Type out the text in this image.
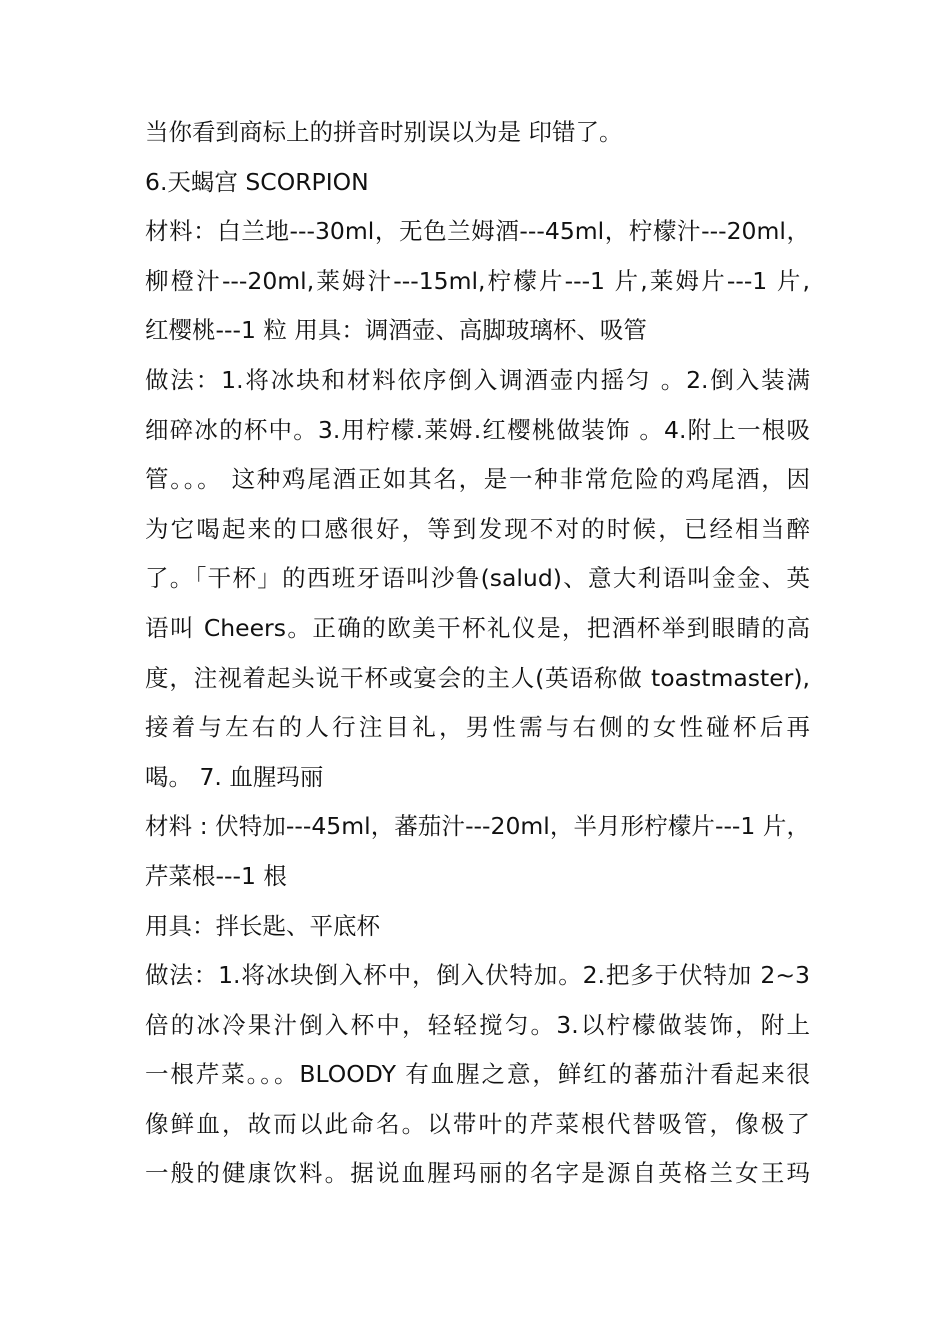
当你看到商标上的拼音时别误以为是 印错了。
6.天蝎宫 SCORPION
材料：白兰地---30ml，无色兰姆酒---45ml，柠檬汁---20ml，
柳橙汁---20ml,莱姆汁---15ml,柠檬片---1 片,莱姆片---1 片,
红樱桃---1 粒 用具：调酒壶、高脚玻璃杯、吸管
做法：1.将冰块和材料依序倒入调酒壶内摇匀 。2.倒入装满
细碎冰的杯中。3.用柠檬.莱姆.红樱桃做装饰 。4.附上一根吸
管。。。 这种鸡尾酒正如其名，是一种非常危险的鸡尾酒，因
为它喝起来的口感很好，等到发现不对的时候，已经相当醉
了。「干杯」的西班牙语叫沙鲁(salud)、意大利语叫金金、英
语叫 Cheers。正确的欧美干杯礼仪是，把酒杯举到眼睛的高
度，注视着起头说干杯或宴会的主人(英语称做 toastmaster),
接着与左右的人行注目礼，男性需与右侧的女性碰杯后再
喝。 7. 血腥玛丽
材料 : 伏特加---45ml，蕃茄汁---20ml，半月形柠檬片---1 片，
芹菜根---1 根
用具：拌长匙、平底杯
做法：1.将冰块倒入杯中，倒入伏特加。2.把多于伏特加 2~3
倍的冰冷果汁倒入杯中，轻轻搅匀。3.以柠檬做装饰，附上
一根芹菜。。。BLOODY 有血腥之意，鲜红的蕃茄汁看起来很
像鲜血，故而以此命名。以带叶的芹菜根代替吸管，像极了
一般的健康饮料。据说血腥玛丽的名字是源自英格兰女王玛
